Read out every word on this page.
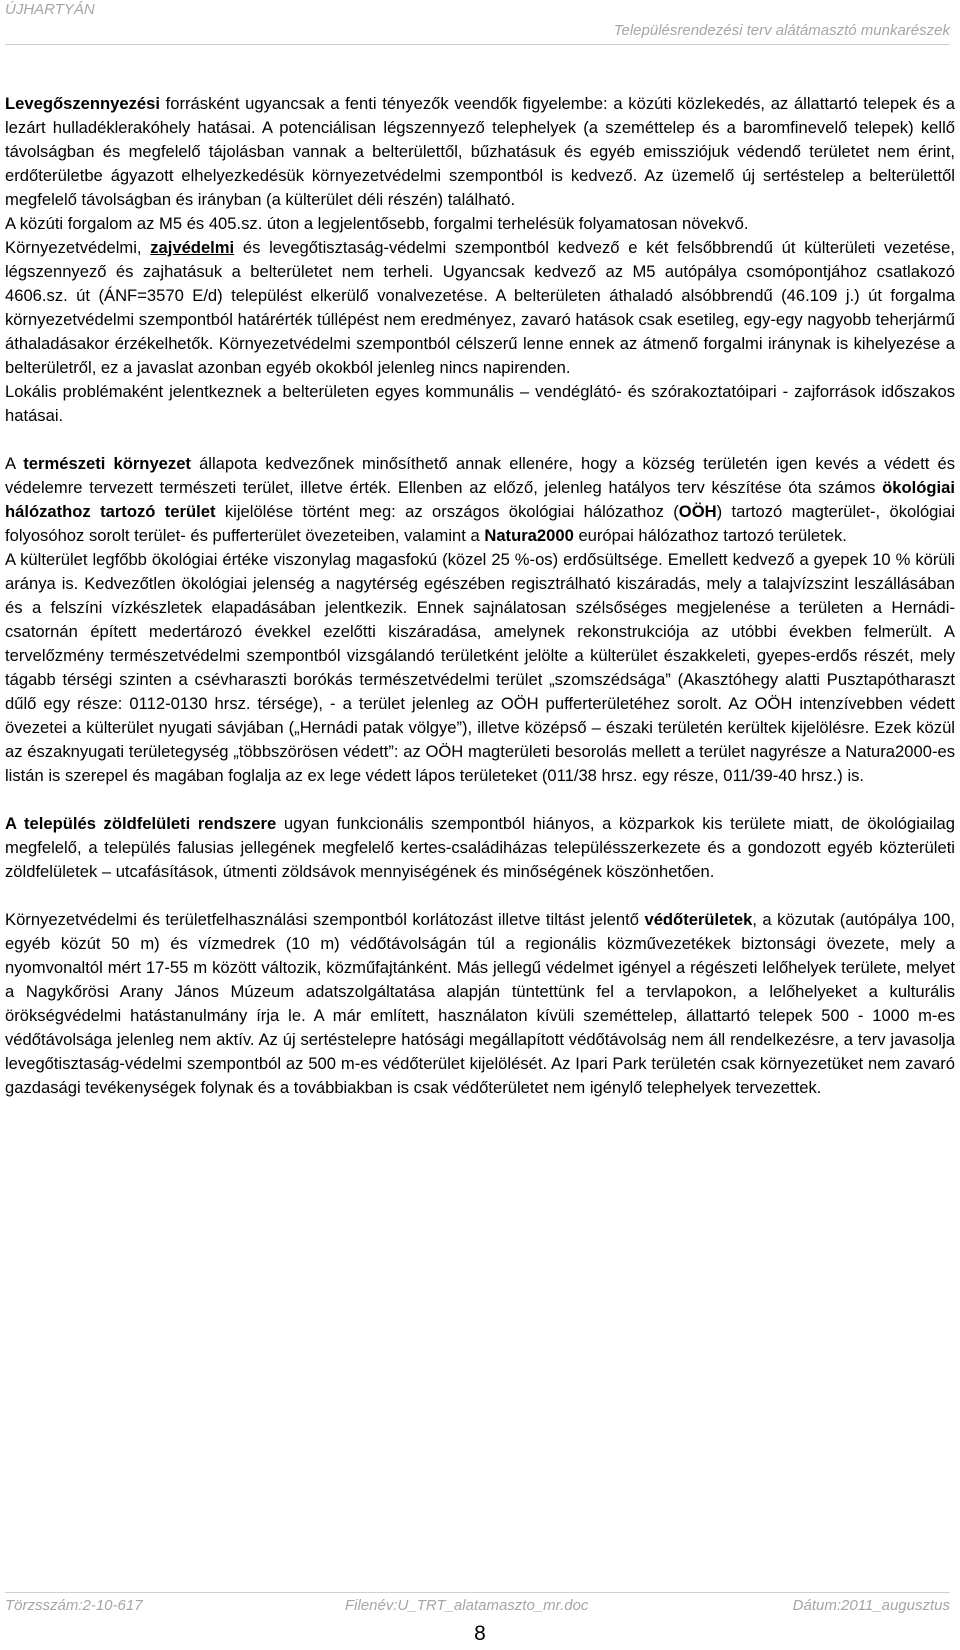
ÚJHARTYÁN
Településrendezési terv alátámasztó munkarészek

Levegőszennyezési forrásként ugyancsak a fenti tényezők veendők figyelembe: a közúti közlekedés, az állattartó telepek és a lezárt hulladéklerakóhely hatásai. A potenciálisan légszennyező telephelyek (a szeméttelep és a baromfinevelő telepek) kellő távolságban és megfelelő tájolásban vannak a belterülettől, bűzhatásuk és egyéb emissziójuk védendő területet nem érint, erdőterületbe ágyazott elhelyezkedésük környezetvédelmi szempontból is kedvező. Az üzemelő új sertéstelep a belterülettől megfelelő távolságban és irányban (a külterület déli részén) található.

A közúti forgalom az M5 és 405.sz. úton a legjelentősebb, forgalmi terhelésük folyamatosan növekvő.

Környezetvédelmi, zajvédelmi és levegőtisztaság-védelmi szempontból kedvező e két felsőbbrendű út külterületi vezetése, légszennyező és zajhatásuk a belterületet nem terheli. Ugyancsak kedvező az M5 autópálya csomópontjához csatlakozó 4606.sz. út (ÁNF=3570 E/d) települést elkerülő vonalvezetése. A belterületen áthaladó alsóbbrendű (46.109 j.) út forgalma környezetvédelmi szempontból határérték túllépést nem eredményez, zavaró hatások csak esetileg, egy-egy nagyobb teherjármű áthaladásakor érzékelhetők. Környezetvédelmi szempontból célszerű lenne ennek az átmenő forgalmi iránynak is kihelyezése a belterületről, ez a javaslat azonban egyéb okokból jelenleg nincs napirenden.

Lokális problémaként jelentkeznek a belterületen egyes kommunális – vendéglátó- és szórakoztatóipari - zajforrások időszakos hatásai.

A természeti környezet állapota kedvezőnek minősíthető annak ellenére, hogy a község területén igen kevés a védett és védelemre tervezett természeti terület, illetve érték. Ellenben az előző, jelenleg hatályos terv készítése óta számos ökológiai hálózathoz tartozó terület kijelölése történt meg: az országos ökológiai hálózathoz (OÖH) tartozó magterület-, ökológiai folyosóhoz sorolt terület- és pufferterület övezeteiben, valamint a Natura2000 európai hálózathoz tartozó területek.

A külterület legfőbb ökológiai értéke viszonylag magasfokú (közel 25 %-os) erdősültsége. Emellett kedvező a gyepek 10 % körüli aránya is. Kedvezőtlen ökológiai jelenség a nagytérség egészében regisztrálható kiszáradás, mely a talajvízszint leszállásában és a felszíni vízkészletek elapadásában jelentkezik. Ennek sajnálatosan szélsőséges megjelenése a területen a Hernádi-csatornán épített medertározó évekkel ezelőtti kiszáradása, amelynek rekonstrukciója az utóbbi években felmerült. A tervelőzmény természetvédelmi szempontból vizsgálandó területként jelölte a külterület északkeleti, gyepes-erdős részét, mely tágabb térségi szinten a csévharaszti borókás természetvédelmi terület „szomszédsága” (Akasztóhegy alatti Pusztapótharaszt dűlő egy része: 0112-0130 hrsz. térsége), - a terület jelenleg az OÖH pufferterületéhez sorolt. Az OÖH intenzívebben védett övezetei a külterület nyugati sávjában („Hernádi patak völgye”), illetve középső – északi területén kerültek kijelölésre. Ezek közül az északnyugati területegység „többszörösen védett”: az OÖH magterületi besorolás mellett a terület nagyrésze a Natura2000-es listán is szerepel és magában foglalja az ex lege védett lápos területeket (011/38 hrsz. egy része, 011/39-40 hrsz.) is.

A település zöldfelületi rendszere ugyan funkcionális szempontból hiányos, a közparkok kis területe miatt, de ökológiailag megfelelő, a település falusias jellegének megfelelő kertes-családiházas településszerkezete és a gondozott egyéb közterületi zöldfelületek – utcafásítások, útmenti zöldsávok mennyiségének és minőségének köszönhetően.

Környezetvédelmi és területfelhasználási szempontból korlátozást illetve tiltást jelentő védőterületek, a közutak (autópálya 100, egyéb közút 50 m) és vízmedrek (10 m) védőtávolságán túl a regionális közművezetékek biztonsági övezete, mely a nyomvonaltól mért 17-55 m között változik, közműfajtánként. Más jellegű védelmet igényel a régészeti lelőhelyek területe, melyet a Nagykőrösi Arany János Múzeum adatszolgáltatása alapján tüntettünk fel a tervlapokon, a lelőhelyeket a kulturális örökségvédelmi hatástanulmány írja le. A már említett, használaton kívüli szeméttelep, állattartó telepek 500 - 1000 m-es védőtávolsága jelenleg nem aktív. Az új sertéstelepre hatósági megállapított védőtávolság nem áll rendelkezésre, a terv javasolja levegőtisztaság-védelmi szempontból az 500 m-es védőterület kijelölését. Az Ipari Park területén csak környezetüket nem zavaró gazdasági tevékenységek folynak és a továbbiakban is csak védőterületet nem igénylő telephelyek tervezettek.

Törzsszám:2-10-617	Filenév:U_TRT_alatamaszto_mr.doc	Dátum:2011_augusztus
8
